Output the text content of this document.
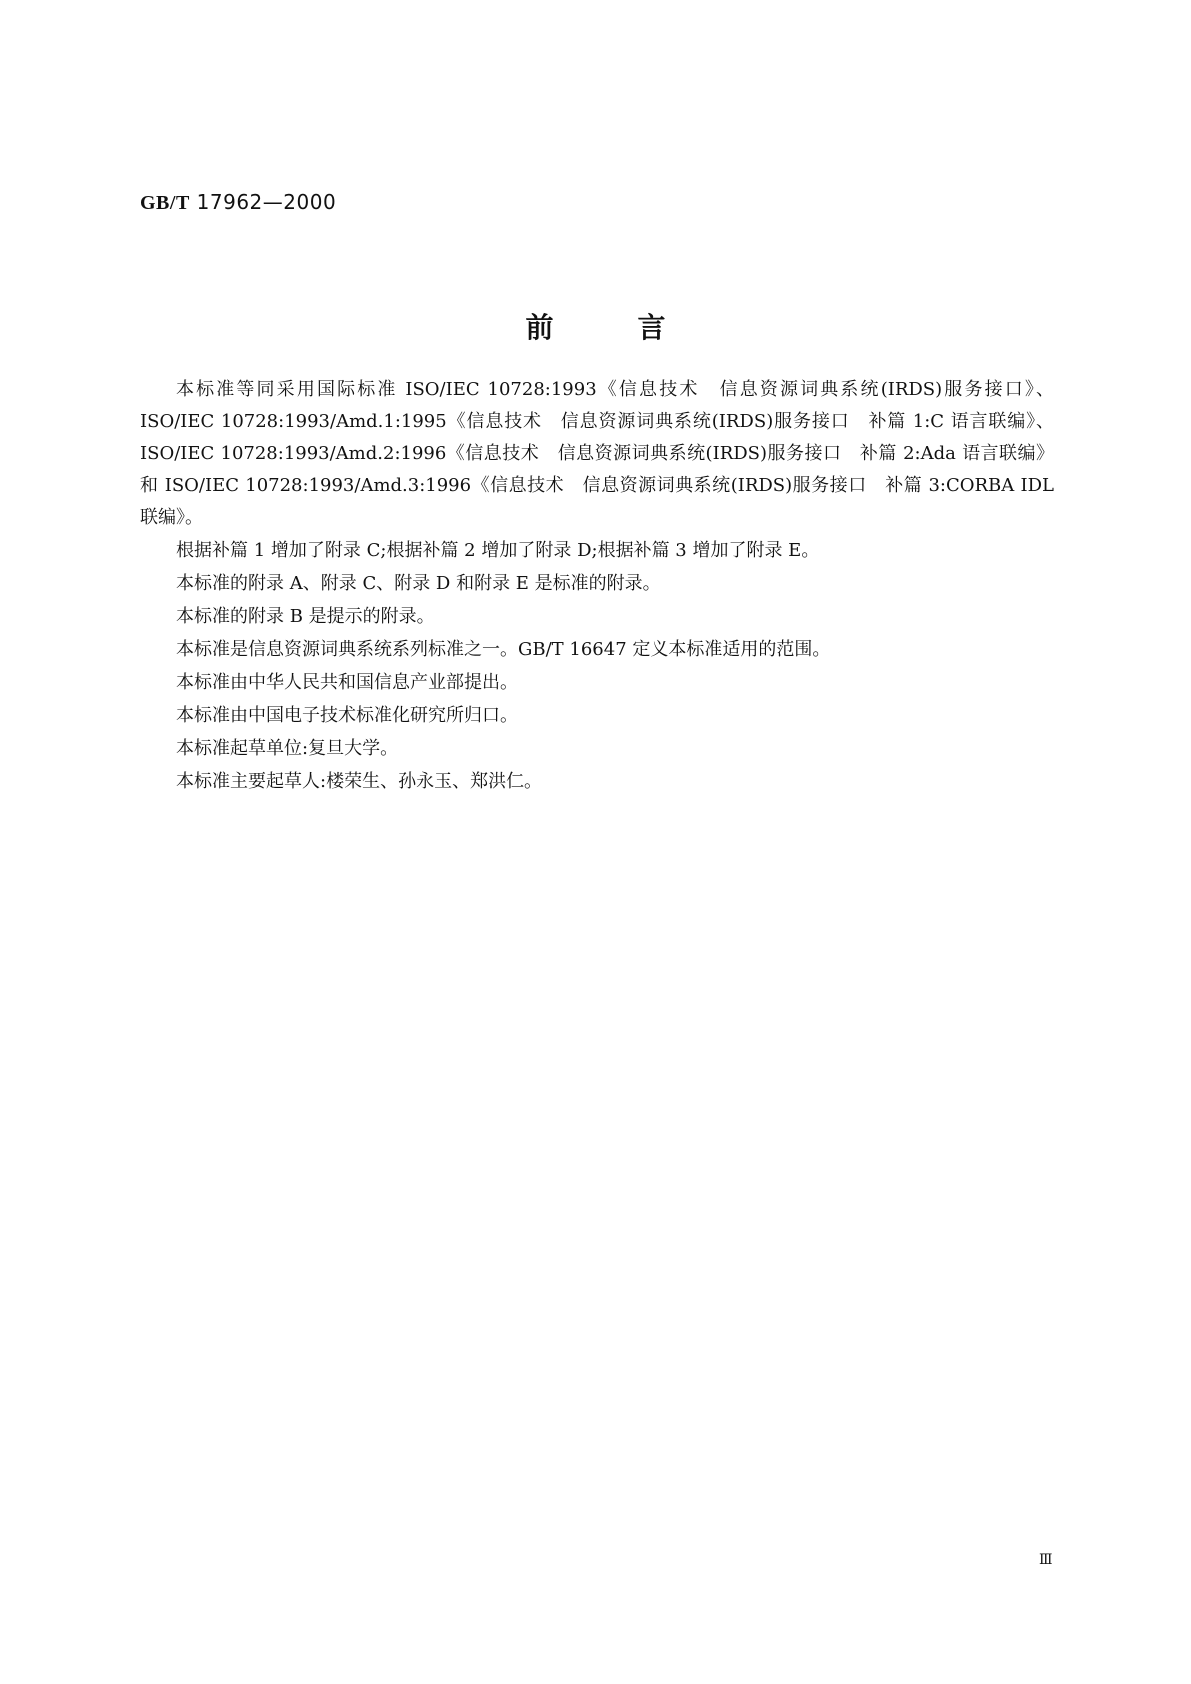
GB/T 17962—2000
前言

本标准等同采用国际标准 ISO/IEC 10728:1993《信息技术　信息资源词典系统(IRDS)服务接口》、ISO/IEC 10728:1993/Amd.1:1995《信息技术　信息资源词典系统(IRDS)服务接口　补篇 1:C 语言联编》、ISO/IEC 10728:1993/Amd.2:1996《信息技术　信息资源词典系统(IRDS)服务接口　补篇 2:Ada 语言联编》和 ISO/IEC 10728:1993/Amd.3:1996《信息技术　信息资源词典系统(IRDS)服务接口　补篇 3:CORBA IDL 联编》。

根据补篇 1 增加了附录 C;根据补篇 2 增加了附录 D;根据补篇 3 增加了附录 E。

本标准的附录 A、附录 C、附录 D 和附录 E 是标准的附录。

本标准的附录 B 是提示的附录。

本标准是信息资源词典系统系列标准之一。GB/T 16647 定义本标准适用的范围。

本标准由中华人民共和国信息产业部提出。

本标准由中国电子技术标准化研究所归口。

本标准起草单位:复旦大学。

本标准主要起草人:楼荣生、孙永玉、郑洪仁。

Ⅲ
